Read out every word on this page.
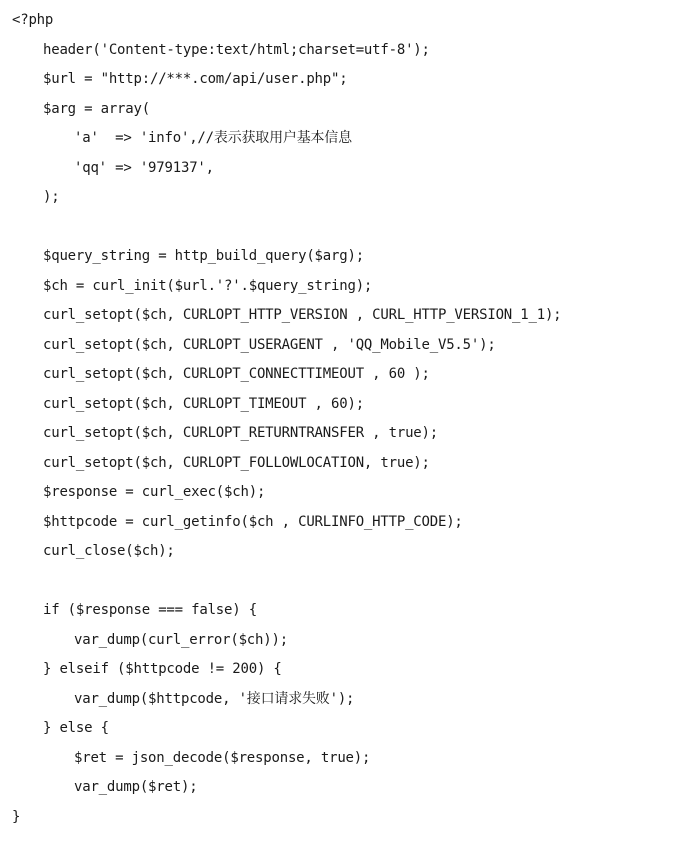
<?php
header('Content-type:text/html;charset=utf-8');
$url = "http://***.com/api/user.php";
$arg = array(
'a'  => 'info',//表示获取用户基本信息
'qq' => '979137',
);
$query_string = http_build_query($arg);
$ch = curl_init($url.'?'.$query_string);
curl_setopt($ch, CURLOPT_HTTP_VERSION , CURL_HTTP_VERSION_1_1);
curl_setopt($ch, CURLOPT_USERAGENT , 'QQ_Mobile_V5.5');
curl_setopt($ch, CURLOPT_CONNECTTIMEOUT , 60 );
curl_setopt($ch, CURLOPT_TIMEOUT , 60);
curl_setopt($ch, CURLOPT_RETURNTRANSFER , true);
curl_setopt($ch, CURLOPT_FOLLOWLOCATION, true);
$response = curl_exec($ch);
$httpcode = curl_getinfo($ch , CURLINFO_HTTP_CODE);
curl_close($ch);
if ($response === false) {
var_dump(curl_error($ch));
} elseif ($httpcode != 200) {
var_dump($httpcode, '接口请求失败');
} else {
$ret = json_decode($response, true);
var_dump($ret);
}
